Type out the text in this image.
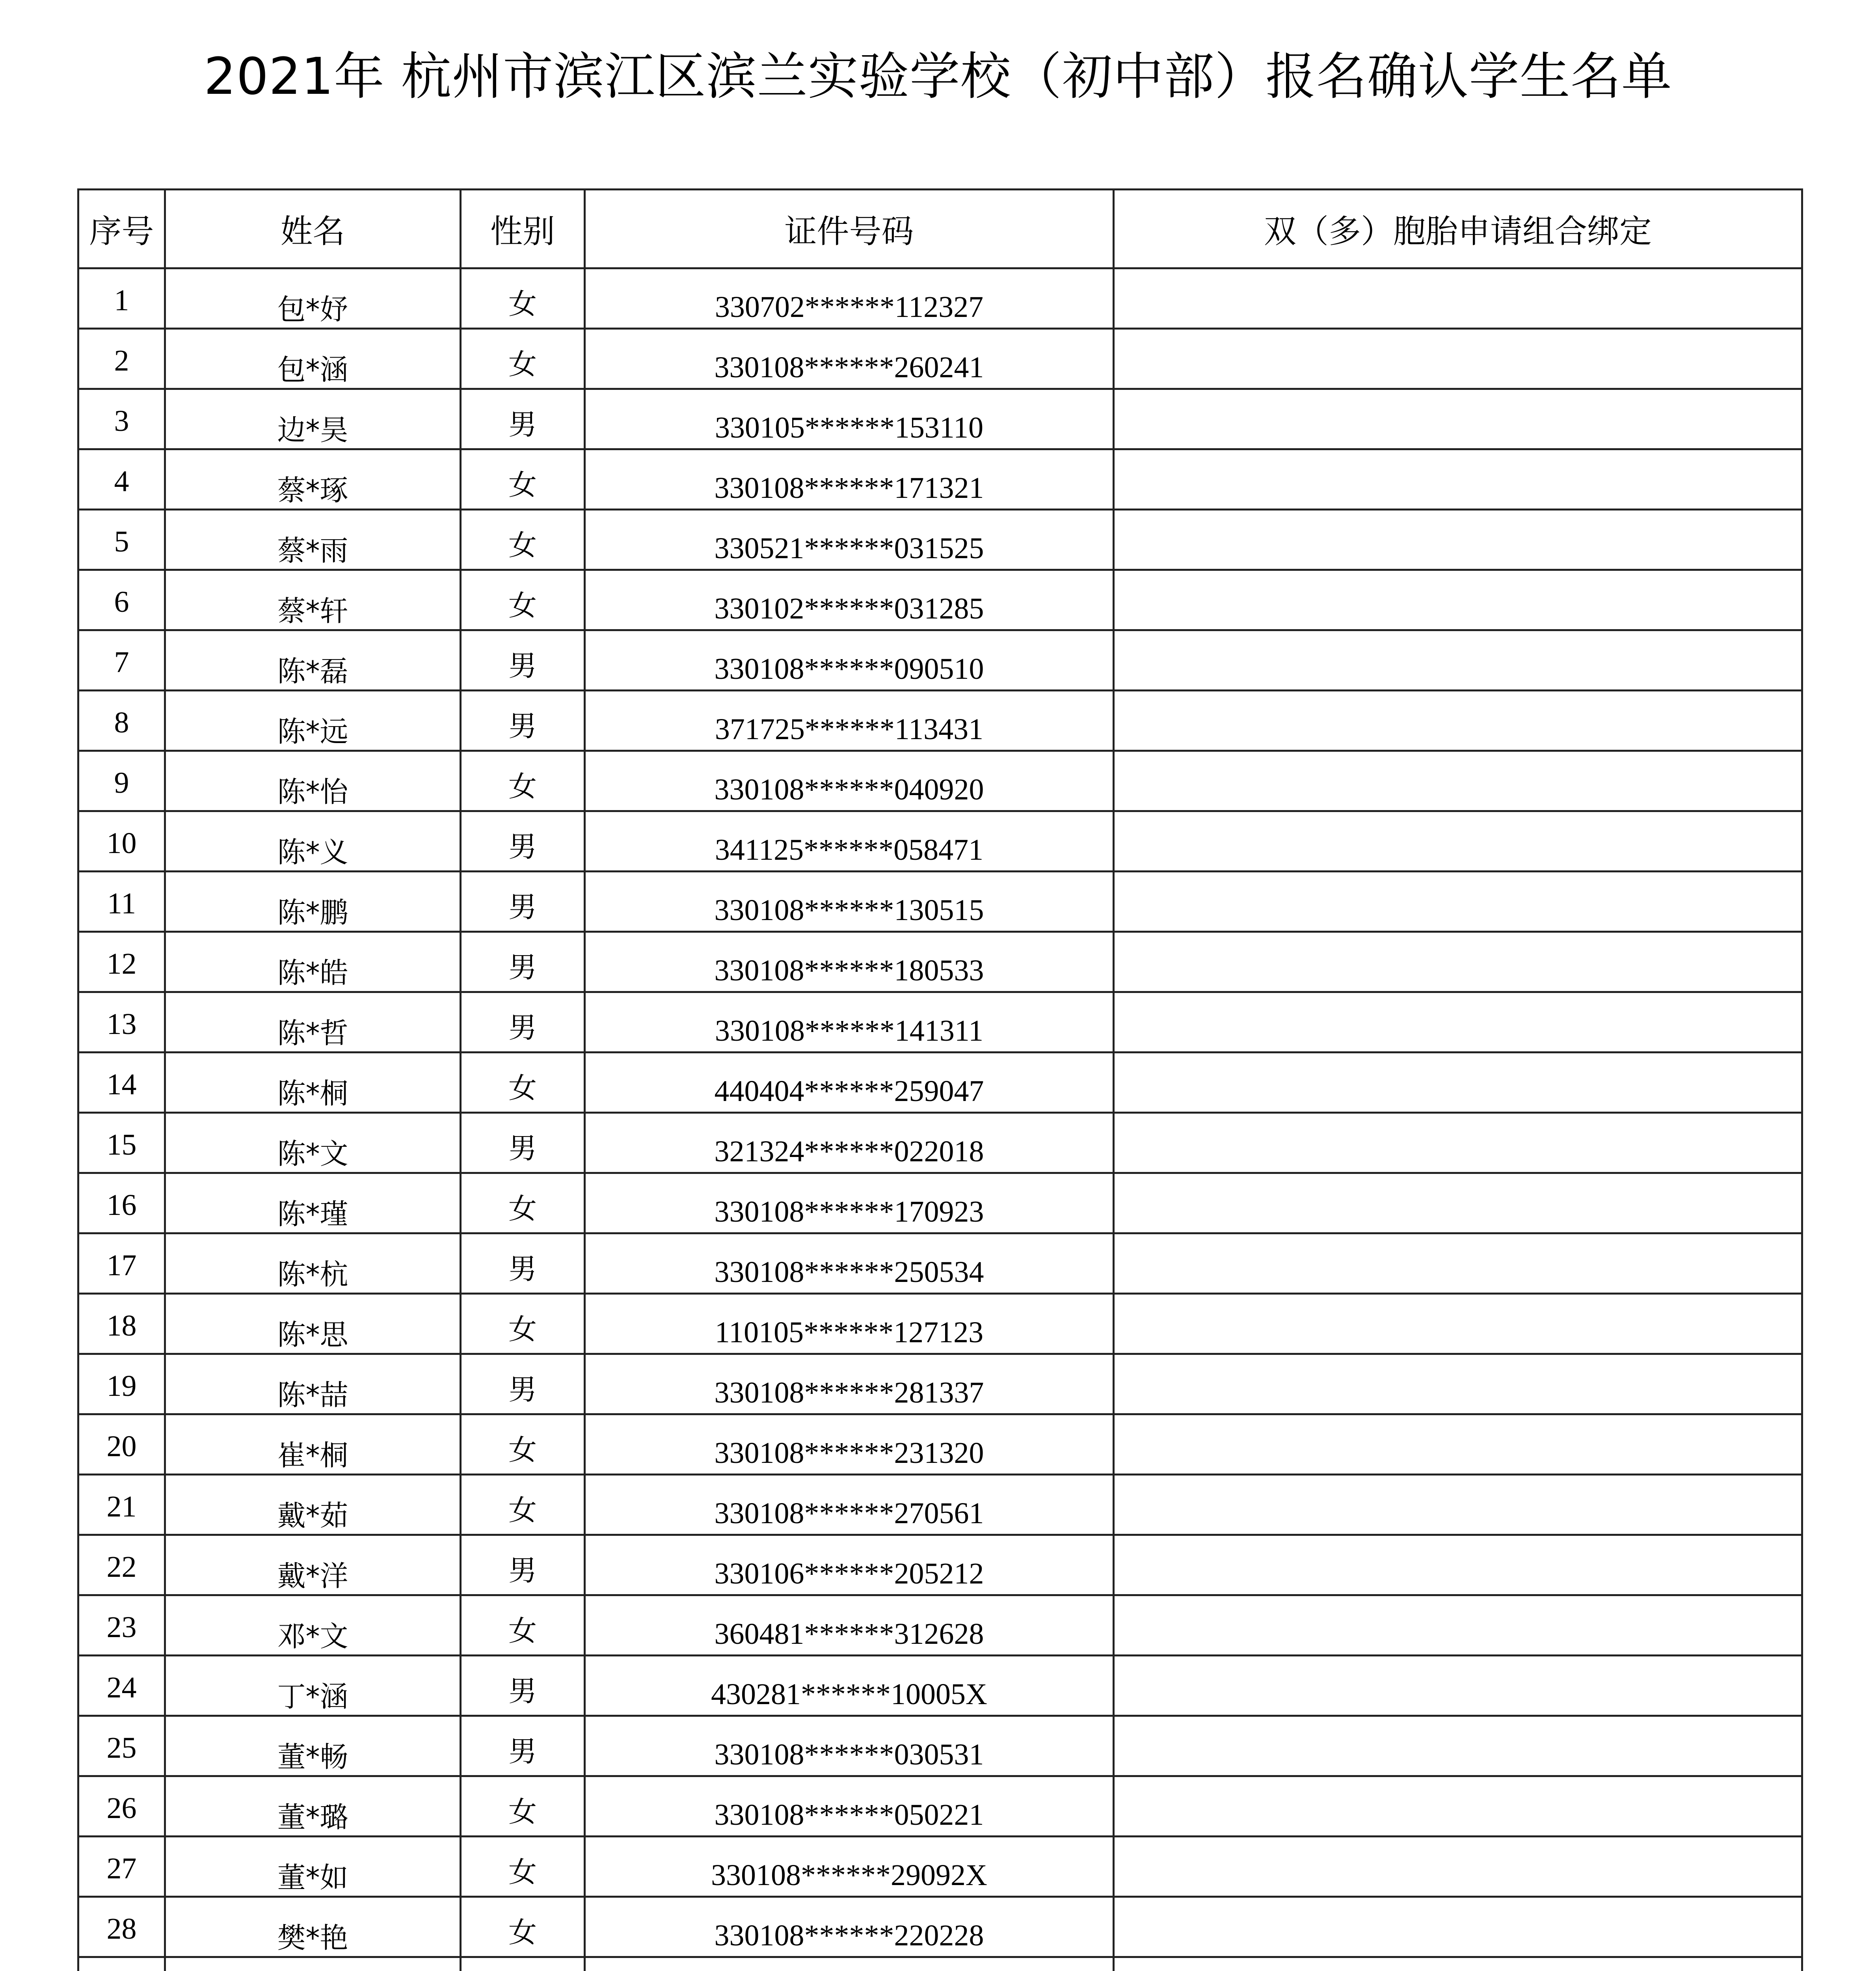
2021年 杭州市滨江区滨兰实验学校（初中部）报名确认学生名单
序号	姓名	性别	证件号码	双（多）胞胎申请组合绑定
1	包*妤	女	330702******112327	
2	包*涵	女	330108******260241	
3	边*昊	男	330105******153110	
4	蔡*琢	女	330108******171321	
5	蔡*雨	女	330521******031525	
6	蔡*轩	女	330102******031285	
7	陈*磊	男	330108******090510	
8	陈*远	男	371725******113431	
9	陈*怡	女	330108******040920	
10	陈*义	男	341125******058471	
11	陈*鹏	男	330108******130515	
12	陈*皓	男	330108******180533	
13	陈*哲	男	330108******141311	
14	陈*桐	女	440404******259047	
15	陈*文	男	321324******022018	
16	陈*瑾	女	330108******170923	
17	陈*杭	男	330108******250534	
18	陈*思	女	110105******127123	
19	陈*喆	男	330108******281337	
20	崔*桐	女	330108******231320	
21	戴*茹	女	330108******270561	
22	戴*洋	男	330106******205212	
23	邓*文	女	360481******312628	
24	丁*涵	男	430281******10005X	
25	董*畅	男	330108******030531	
26	董*璐	女	330108******050221	
27	董*如	女	330108******29092X	
28	樊*艳	女	330108******220228	
